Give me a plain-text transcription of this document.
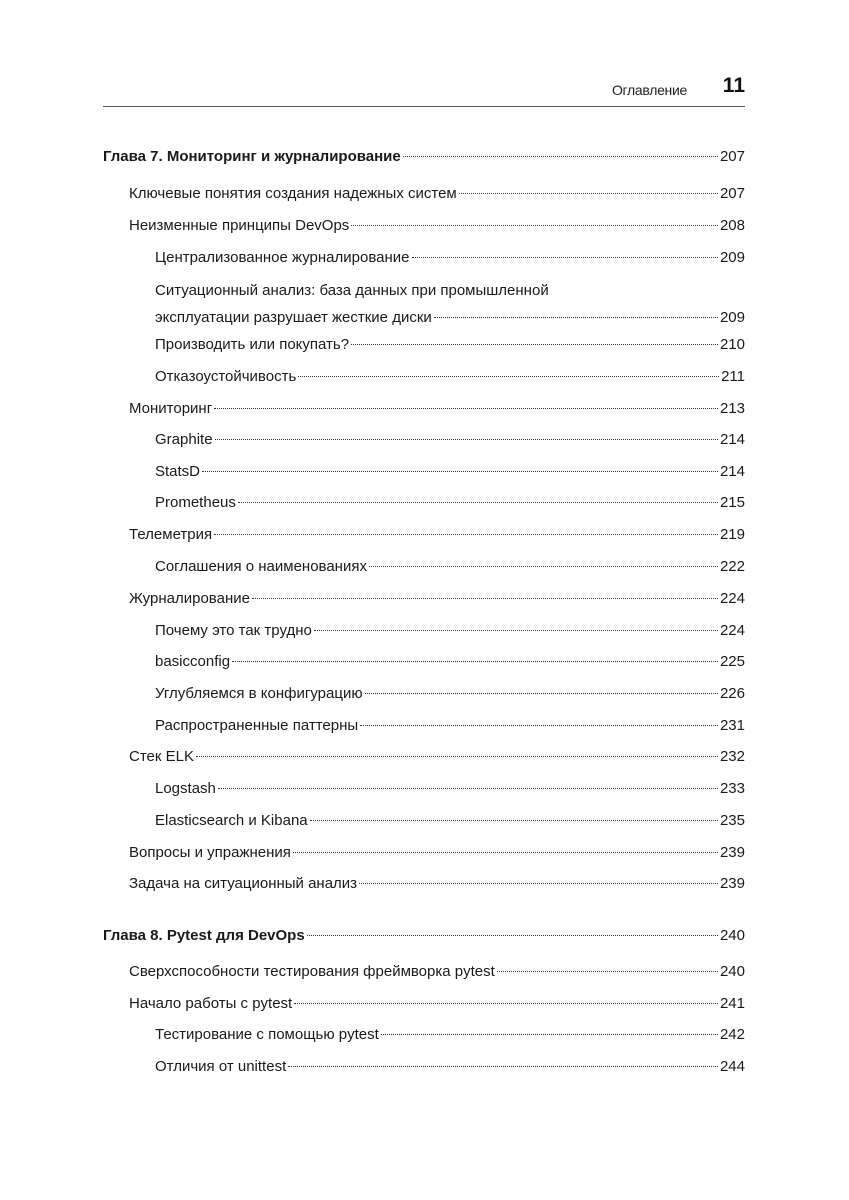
Оглавление 11
Глава 7. Мониторинг и журналирование	207
Ключевые понятия создания надежных систем	207
Неизменные принципы DevOps	208
Централизованное журналирование	209
Ситуационный анализ: база данных при промышленной
эксплуатации разрушает жесткие диски	209
Производить или покупать?	210
Отказоустойчивость	211
Мониторинг	213
Graphite	214
StatsD	214
Prometheus	215
Телеметрия	219
Соглашения о наименованиях	222
Журналирование	224
Почему это так трудно	224
basicconfig	225
Углубляемся в конфигурацию	226
Распространенные паттерны	231
Стек ELK	232
Logstash	233
Elasticsearch и Kibana	235
Вопросы и упражнения	239
Задача на ситуационный анализ	239
Глава 8. Pytest для DevOps	240
Сверхспособности тестирования фреймворка pytest	240
Начало работы с pytest	241
Тестирование с помощью pytest	242
Отличия от unittest	244
